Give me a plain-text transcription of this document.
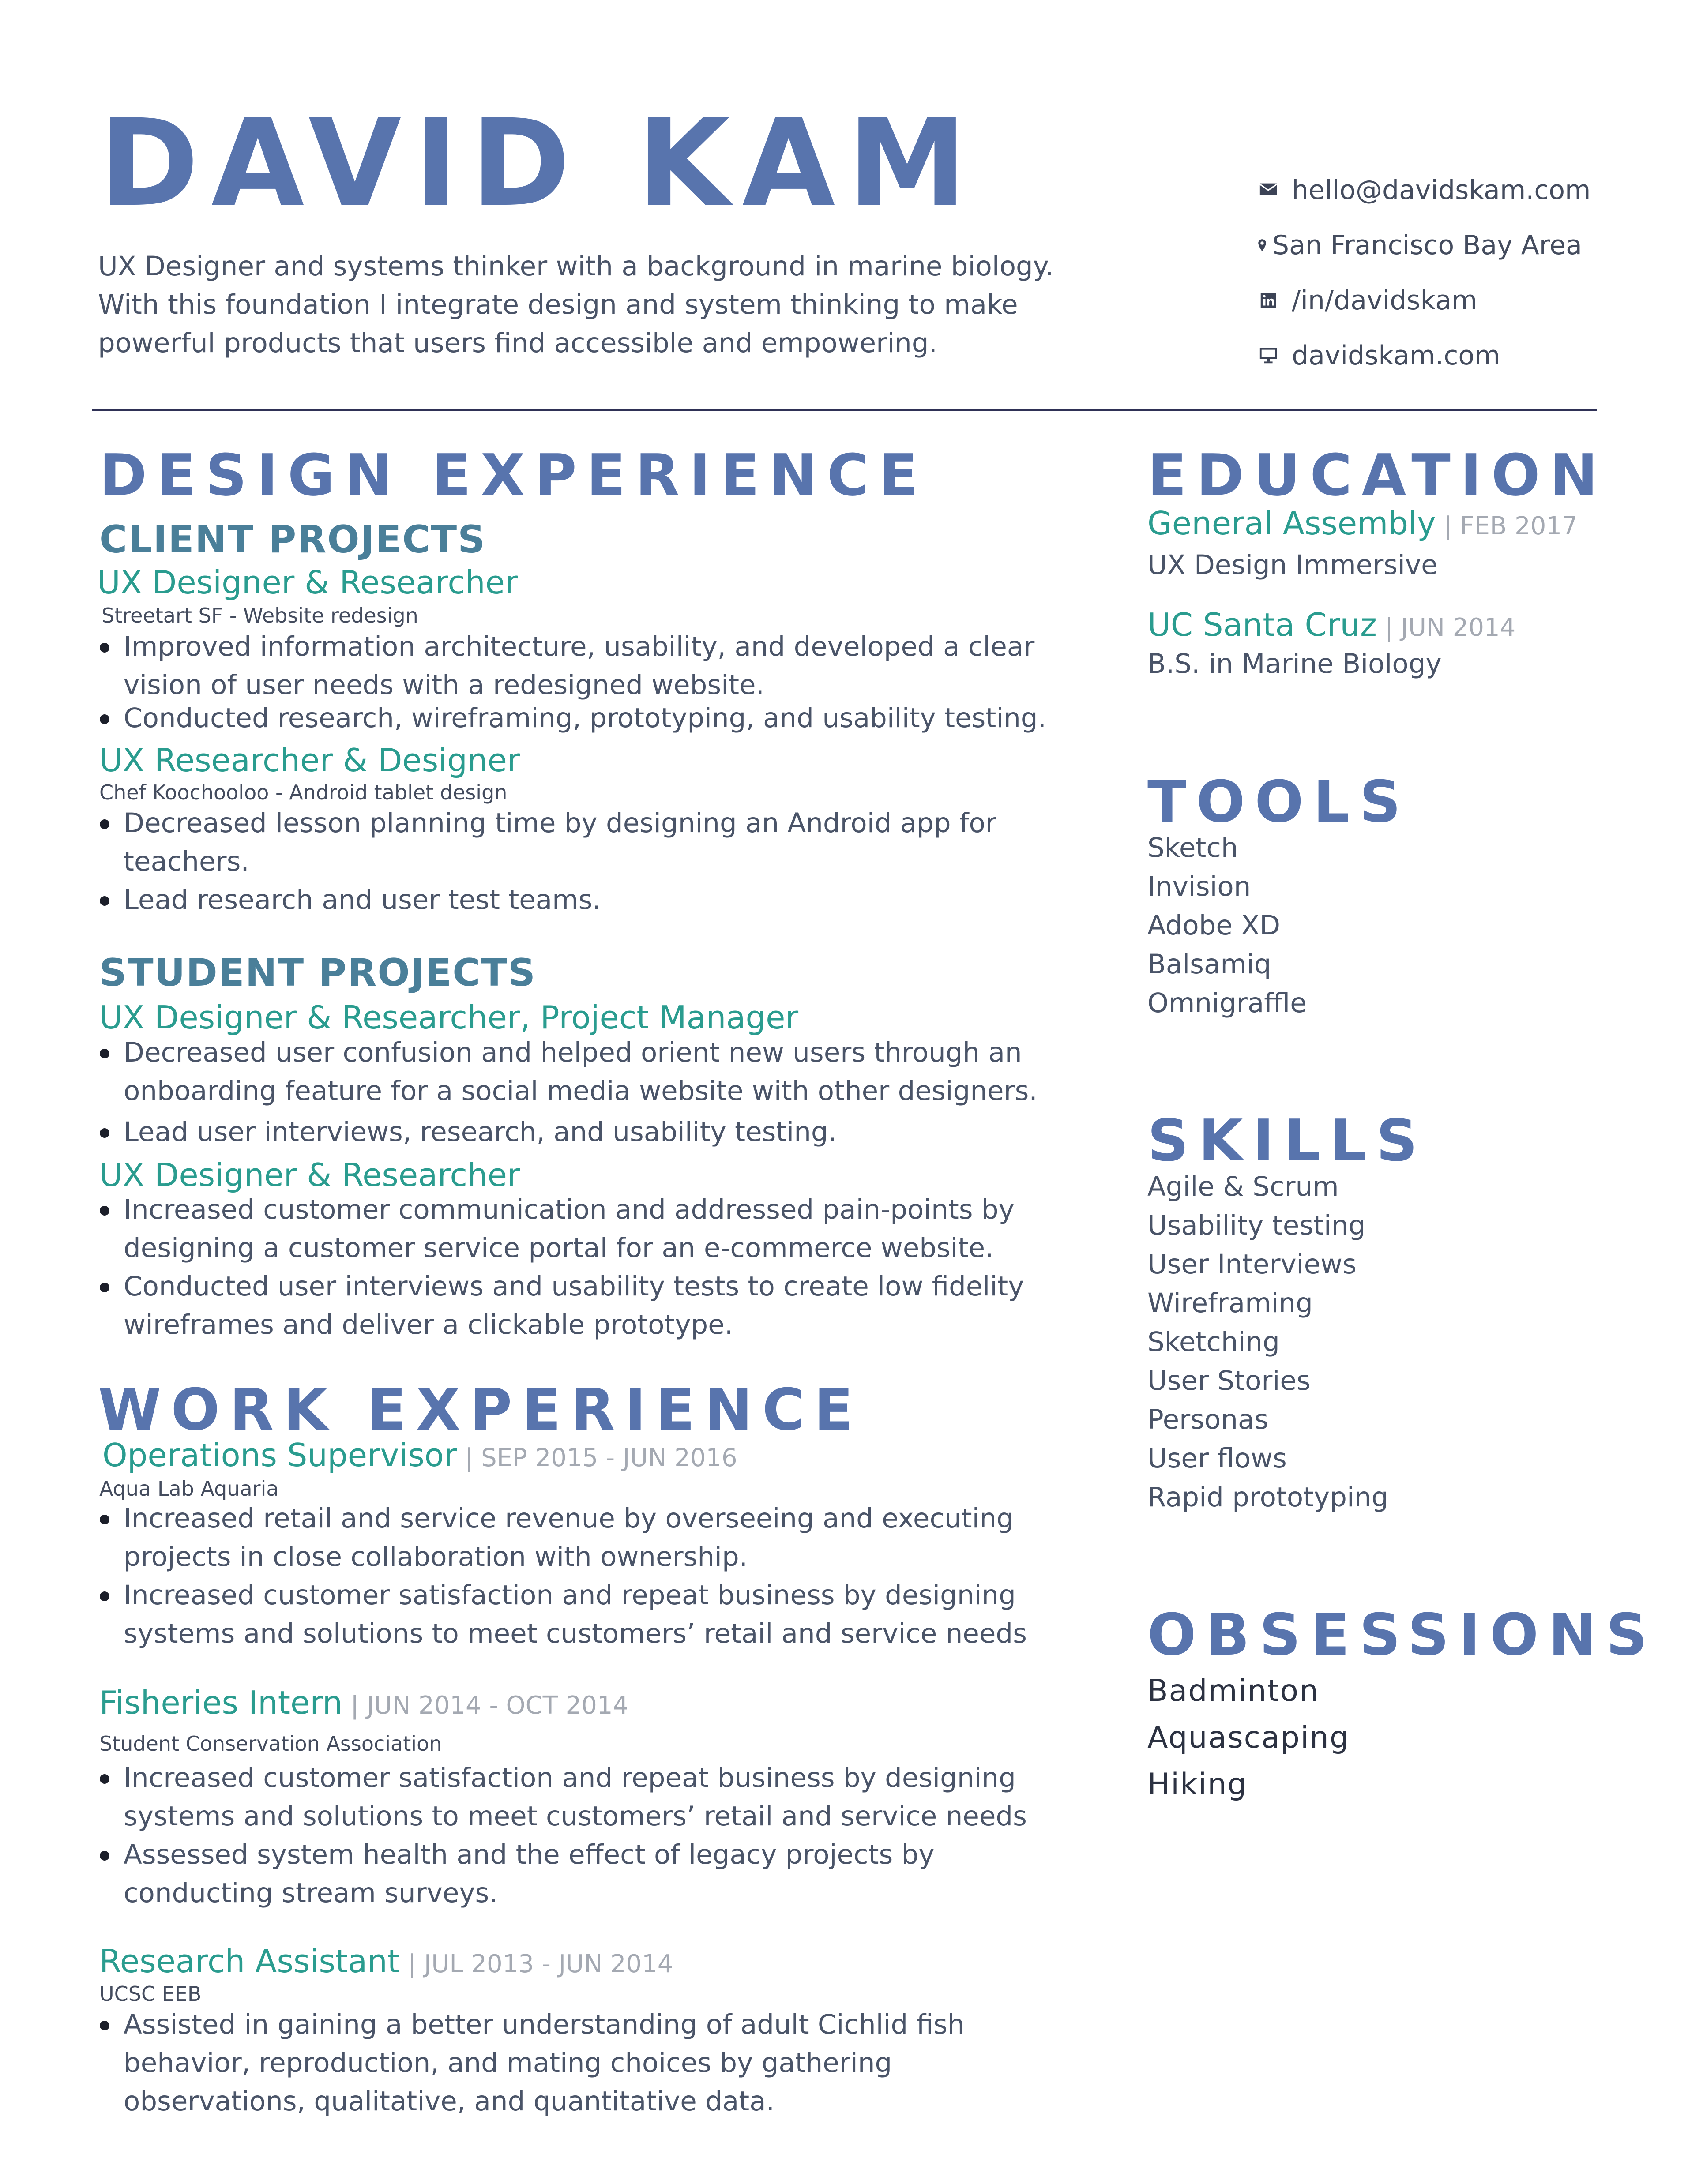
DAVID KAM
UX Designer and systems thinker with a background in marine biology. With this foundation I integrate design and system thinking to make powerful products that users find accessible and empowering.
hello@davidskam.com
San Francisco Bay Area
/in/davidskam
davidskam.com
DESIGN EXPERIENCE
CLIENT PROJECTS
UX Designer & Researcher
Streetart SF - Website redesign
Improved information architecture, usability, and developed a clear vision of user needs with a redesigned website.
Conducted research, wireframing, prototyping, and usability testing.
UX Researcher & Designer
Chef Koochooloo - Android tablet design
Decreased lesson planning time by designing an Android app for teachers.
Lead research and user test teams.
STUDENT PROJECTS
UX Designer & Researcher, Project Manager
Decreased user confusion and helped orient new users through an onboarding feature for a social media website with other designers.
Lead user interviews, research, and usability testing.
UX Designer & Researcher
Increased customer communication and addressed pain-points by designing a customer service portal for an e-commerce website.
Conducted user interviews and usability tests to create low fidelity wireframes and deliver a clickable prototype.
WORK EXPERIENCE
Operations Supervisor | SEP 2015 - JUN 2016
Aqua Lab Aquaria
Increased retail and service revenue by overseeing and executing projects in close collaboration with ownership.
Increased customer satisfaction and repeat business by designing systems and solutions to meet customers’ retail and service needs
Fisheries Intern | JUN 2014 - OCT 2014
Student Conservation Association
Increased customer satisfaction and repeat business by designing systems and solutions to meet customers’ retail and service needs
Assessed system health and the effect of legacy projects by conducting stream surveys.
Research Assistant | JUL 2013 - JUN 2014
UCSC EEB
Assisted in gaining a better understanding of adult Cichlid fish behavior, reproduction, and mating choices by gathering observations, qualitative, and quantitative data.
EDUCATION
General Assembly | FEB 2017
UX Design Immersive
UC Santa Cruz | JUN 2014
B.S. in Marine Biology
TOOLS
Sketch
Invision
Adobe XD
Balsamiq
Omnigraffle
SKILLS
Agile & Scrum
Usability testing
User Interviews
Wireframing
Sketching
User Stories
Personas
User flows
Rapid prototyping
OBSESSIONS
Badminton
Aquascaping
Hiking
